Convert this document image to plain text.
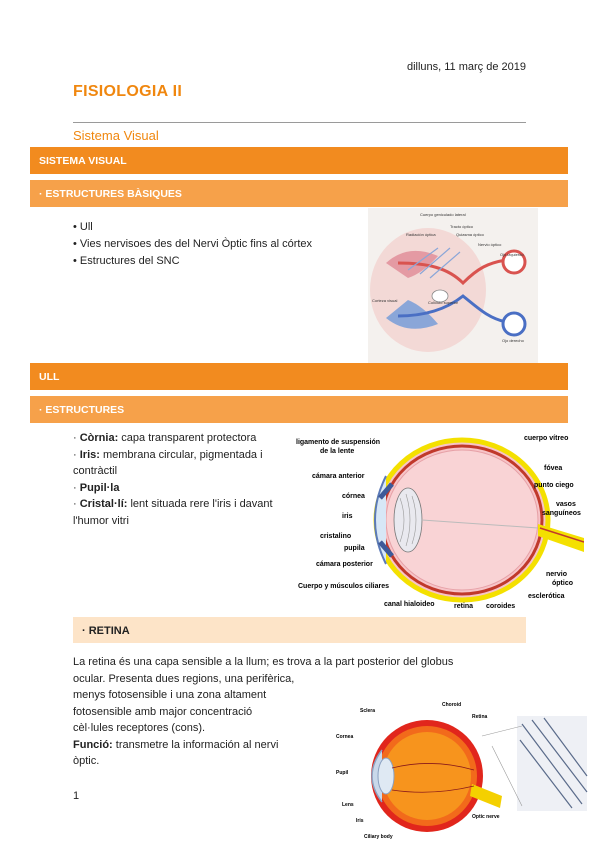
dilluns, 11 març de 2019
FISIOLOGIA II
Sistema Visual
SISTEMA VISUAL
· ESTRUCTURES BÀSIQUES
• Ull
• Vies nervisoes des del Nervi Òptic fins al córtex
• Estructures del SNC
Cuerpo geniculado lateral
Tracto óptico
Radiación óptica	Quiasma óptico
Nervio óptico
Ojo izquierdo
Corteza visual	Colículo superior
Ojo derecho
ULL
· ESTRUCTURES

· Còrnia: capa transparent protectora

· Iris: membrana circular, pigmentada i contràctil

· Pupil·la

· Cristal·lí: lent situada rere l'iris i davant l'humor vitri

ligamento de suspensión
de la lente
cámara anterior
córnea
iris
cristalino
pupila
cámara posterior
Cuerpo y músculos ciliares
canal hialoideo	retina coroides
cuerpo vítreo
fóvea
punto ciego
vasos
sanguíneos
nervio
óptico
esclerótica
· RETINA

La retina és una capa sensible a la llum; es trova a la part posterior del globus

ocular. Presenta dues regions, una perifèrica,

menys fotosensible i una zona altament

fotosensible amb major concentració

cèl·lules receptores (cons).

Funció: transmetre la información al nervi

òptic.

Sclera
Choroid
Retina
Cornea
Pupil
Lens
Iris
Ciliary body
Optic nerve
1
